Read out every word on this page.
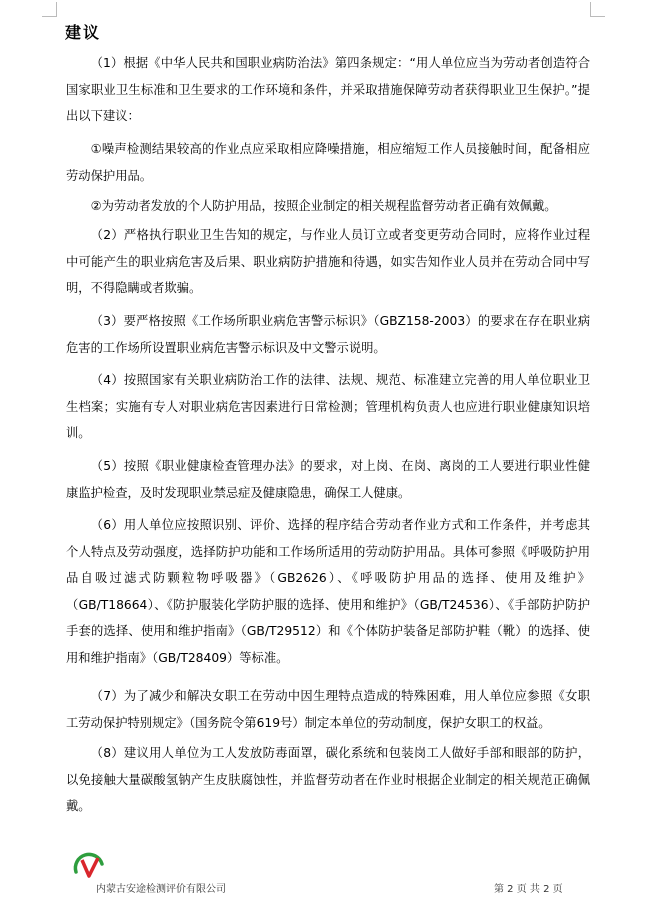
建议

（1）根据《中华人民共和国职业病防治法》第四条规定：“用人单位应当为劳动者创造符合国家职业卫生标准和卫生要求的工作环境和条件，并采取措施保障劳动者获得职业卫生保护。”提出以下建议：

①噪声检测结果较高的作业点应采取相应降噪措施，相应缩短工作人员接触时间，配备相应劳动保护用品。

②为劳动者发放的个人防护用品，按照企业制定的相关规程监督劳动者正确有效佩戴。

（2）严格执行职业卫生告知的规定，与作业人员订立或者变更劳动合同时，应将作业过程中可能产生的职业病危害及后果、职业病防护措施和待遇，如实告知作业人员并在劳动合同中写明，不得隐瞒或者欺骗。

（3）要严格按照《工作场所职业病危害警示标识》（GBZ158-2003）的要求在存在职业病危害的工作场所设置职业病危害警示标识及中文警示说明。

（4）按照国家有关职业病防治工作的法律、法规、规范、标准建立完善的用人单位职业卫生档案；实施有专人对职业病危害因素进行日常检测；管理机构负责人也应进行职业健康知识培训。

（5）按照《职业健康检查管理办法》的要求，对上岗、在岗、离岗的工人要进行职业性健康监护检查，及时发现职业禁忌症及健康隐患，确保工人健康。

（6）用人单位应按照识别、评价、选择的程序结合劳动者作业方式和工作条件，并考虑其个人特点及劳动强度，选择防护功能和工作场所适用的劳动防护用品。具体可参照《呼吸防护用品自吸过滤式防颗粒物呼吸器》（GB2626）、《呼吸防护用品的选择、使用及维护》（GB/T18664）、《防护服装化学防护服的选择、使用和维护》（GB/T24536）、《手部防护防护手套的选择、使用和维护指南》（GB/T29512）和《个体防护装备足部防护鞋（靴）的选择、使用和维护指南》（GB/T28409）等标准。

（7）为了减少和解决女职工在劳动中因生理特点造成的特殊困难，用人单位应参照《女职工劳动保护特别规定》（国务院令第619号）制定本单位的劳动制度，保护女职工的权益。

（8）建议用人单位为工人发放防毒面罩，碳化系统和包装岗工人做好手部和眼部的防护，以免接触大量碳酸氢钠产生皮肤腐蚀性，并监督劳动者在作业时根据企业制定的相关规范正确佩戴。

内蒙古安途检测评价有限公司	第 2 页 共 2 页
